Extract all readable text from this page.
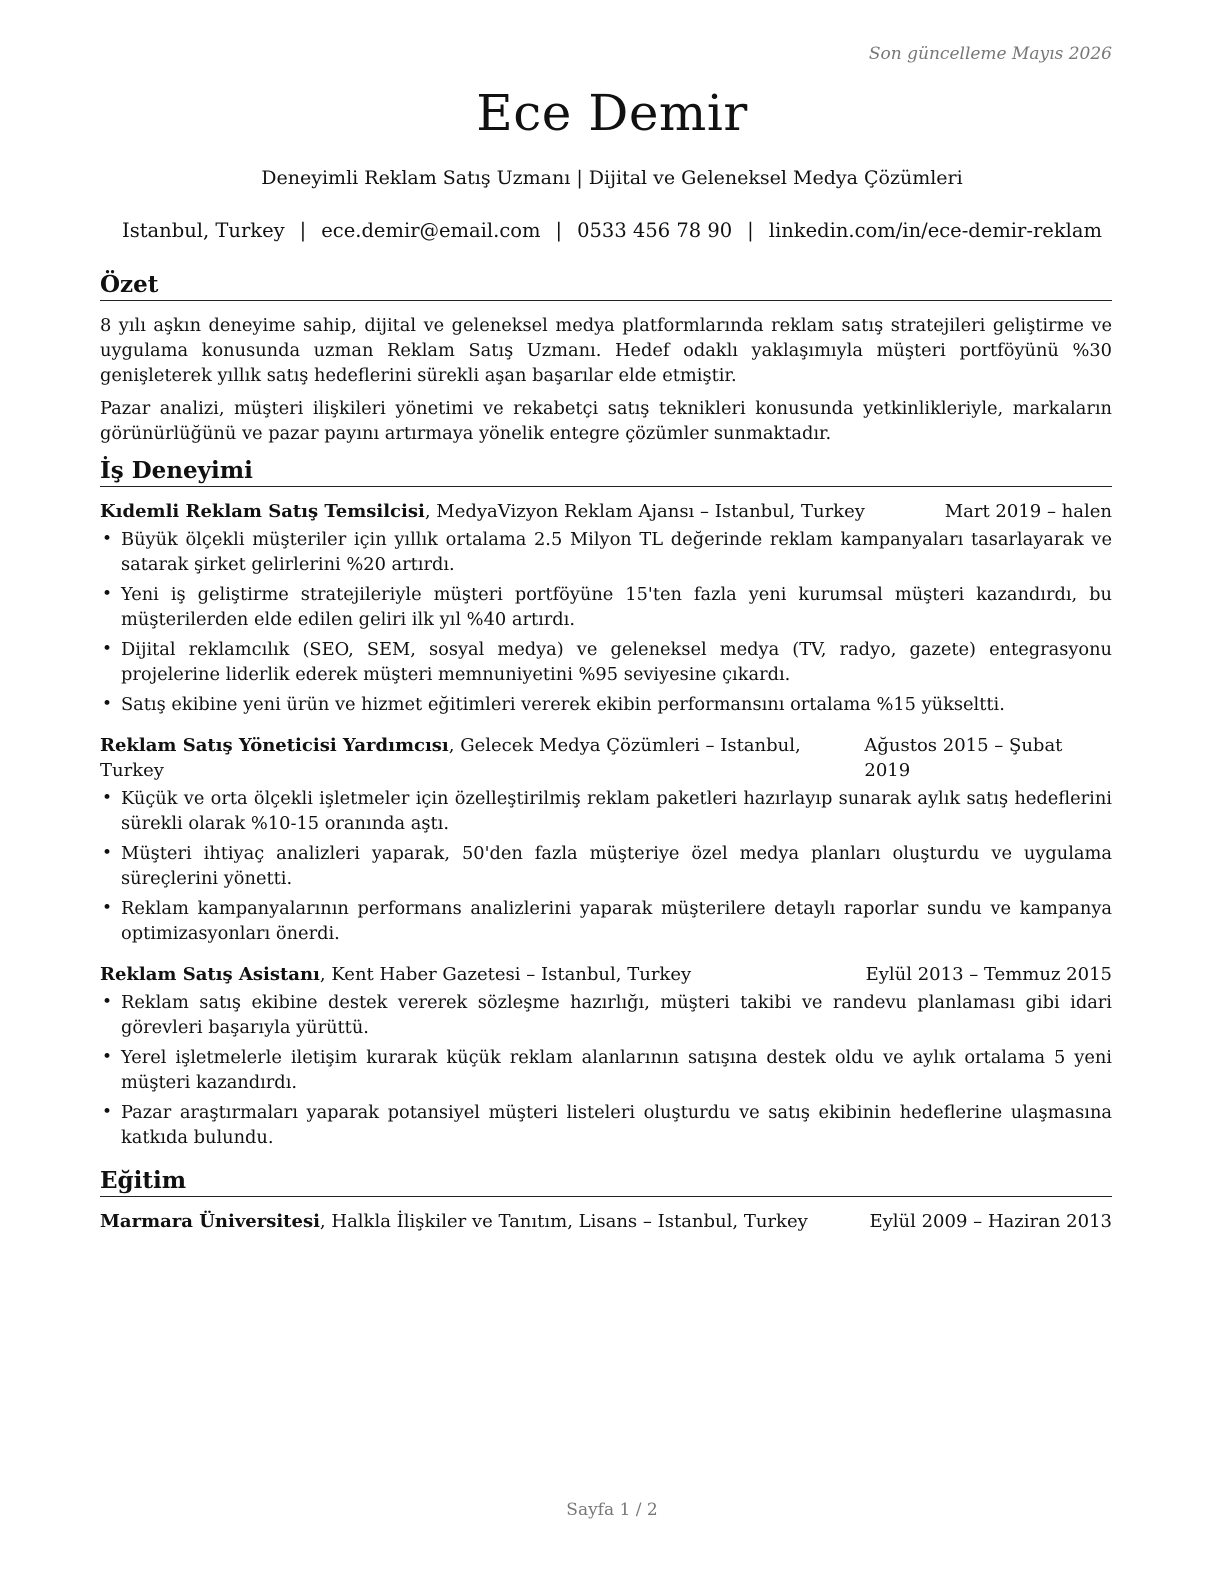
Son güncelleme Mayıs 2026
Ece Demir
Deneyimli Reklam Satış Uzmanı | Dijital ve Geleneksel Medya Çözümleri
Istanbul, Turkey | ece.demir@email.com | 0533 456 78 90 | linkedin.com/in/ece-demir-reklam
Özet

8 yılı aşkın deneyime sahip, dijital ve geleneksel medya platformlarında reklam satış stratejileri geliştirme ve uygulama konusunda uzman Reklam Satış Uzmanı. Hedef odaklı yaklaşımıyla müşteri portföyünü %30 genişleterek yıllık satış hedeflerini sürekli aşan başarılar elde etmiştir.

Pazar analizi, müşteri ilişkileri yönetimi ve rekabetçi satış teknikleri konusunda yetkinlikleriyle, markaların görünürlüğünü ve pazar payını artırmaya yönelik entegre çözümler sunmaktadır.

İş Deneyimi
Kıdemli Reklam Satış Temsilcisi, MedyaVizyon Reklam Ajansı – Istanbul, Turkey	Mart 2019 – halen
• Büyük ölçekli müşteriler için yıllık ortalama 2.5 Milyon TL değerinde reklam kampanyaları tasarlayarak ve satarak şirket gelirlerini %20 artırdı.
• Yeni iş geliştirme stratejileriyle müşteri portföyüne 15'ten fazla yeni kurumsal müşteri kazandırdı, bu müşterilerden elde edilen geliri ilk yıl %40 artırdı.
• Dijital reklamcılık (SEO, SEM, sosyal medya) ve geleneksel medya (TV, radyo, gazete) entegrasyonu projelerine liderlik ederek müşteri memnuniyetini %95 seviyesine çıkardı.
• Satış ekibine yeni ürün ve hizmet eğitimleri vererek ekibin performansını ortalama %15 yükseltti.
Reklam Satış Yöneticisi Yardımcısı, Gelecek Medya Çözümleri – Istanbul, Turkey
Ağustos 2015 – Şubat 2019
• Küçük ve orta ölçekli işletmeler için özelleştirilmiş reklam paketleri hazırlayıp sunarak aylık satış hedeflerini sürekli olarak %10-15 oranında aştı.
• Müşteri ihtiyaç analizleri yaparak, 50'den fazla müşteriye özel medya planları oluşturdu ve uygulama süreçlerini yönetti.
• Reklam kampanyalarının performans analizlerini yaparak müşterilere detaylı raporlar sundu ve kampanya optimizasyonları önerdi.
Reklam Satış Asistanı, Kent Haber Gazetesi – Istanbul, Turkey	Eylül 2013 – Temmuz 2015
• Reklam satış ekibine destek vererek sözleşme hazırlığı, müşteri takibi ve randevu planlaması gibi idari görevleri başarıyla yürüttü.
• Yerel işletmelerle iletişim kurarak küçük reklam alanlarının satışına destek oldu ve aylık ortalama 5 yeni müşteri kazandırdı.
• Pazar araştırmaları yaparak potansiyel müşteri listeleri oluşturdu ve satış ekibinin hedeflerine ulaşmasına katkıda bulundu.
Eğitim
Marmara Üniversitesi, Halkla İlişkiler ve Tanıtım, Lisans – Istanbul, Turkey	Eylül 2009 – Haziran 2013
Sayfa 1 / 2
